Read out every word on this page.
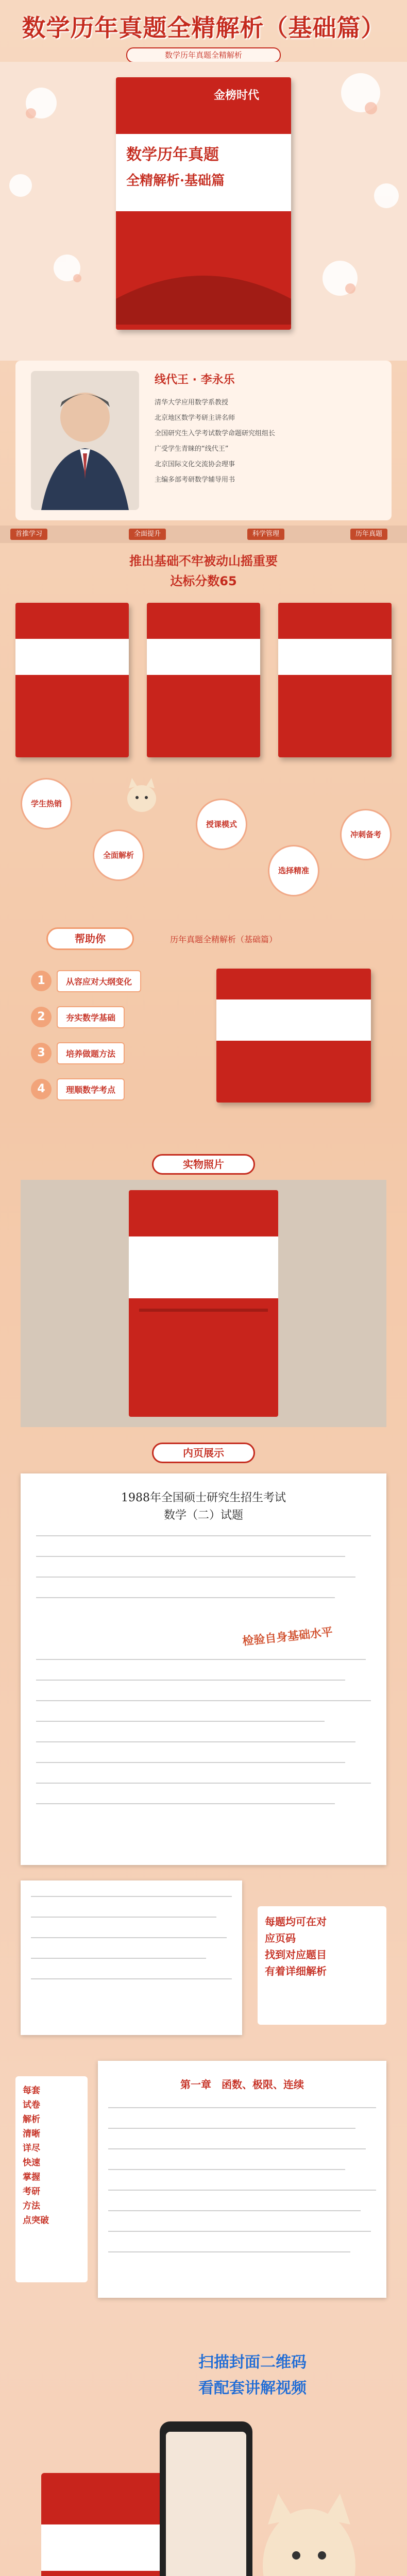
数学历年真题全精解析（基础篇）
数学历年真题全精解析
金榜时代
数学历年真题
全精解析·基础篇
线代王 · 李永乐
清华大学应用数学系教授
北京地区数学考研主讲名师
全国研究生入学考试数学命题研究组组长
广受学生青睐的“线代王”
北京国际文化交流协会理事
主编多部考研数学辅导用书
首推学习	全面提升	科学管理	历年真题
推出基础不牢被动山摇重要
达标分数65
学生热销
全面解析
授课模式
选择精准
冲刺备考
帮助你	历年真题全精解析（基础篇）
1	从容应对大纲变化
2	夯实数学基础
3	培养做题方法
4	理顺数学考点
实物照片
内页展示
1988年全国硕士研究生招生考试
数学（二）试题
检验自身基础水平
每题均可在对
应页码
找到对应题目
有着详细解析
每套
试卷
解析
清晰
详尽
快速
掌握
考研
方法
点突破
第一章　函数、极限、连续
扫描封面二维码
看配套讲解视频
